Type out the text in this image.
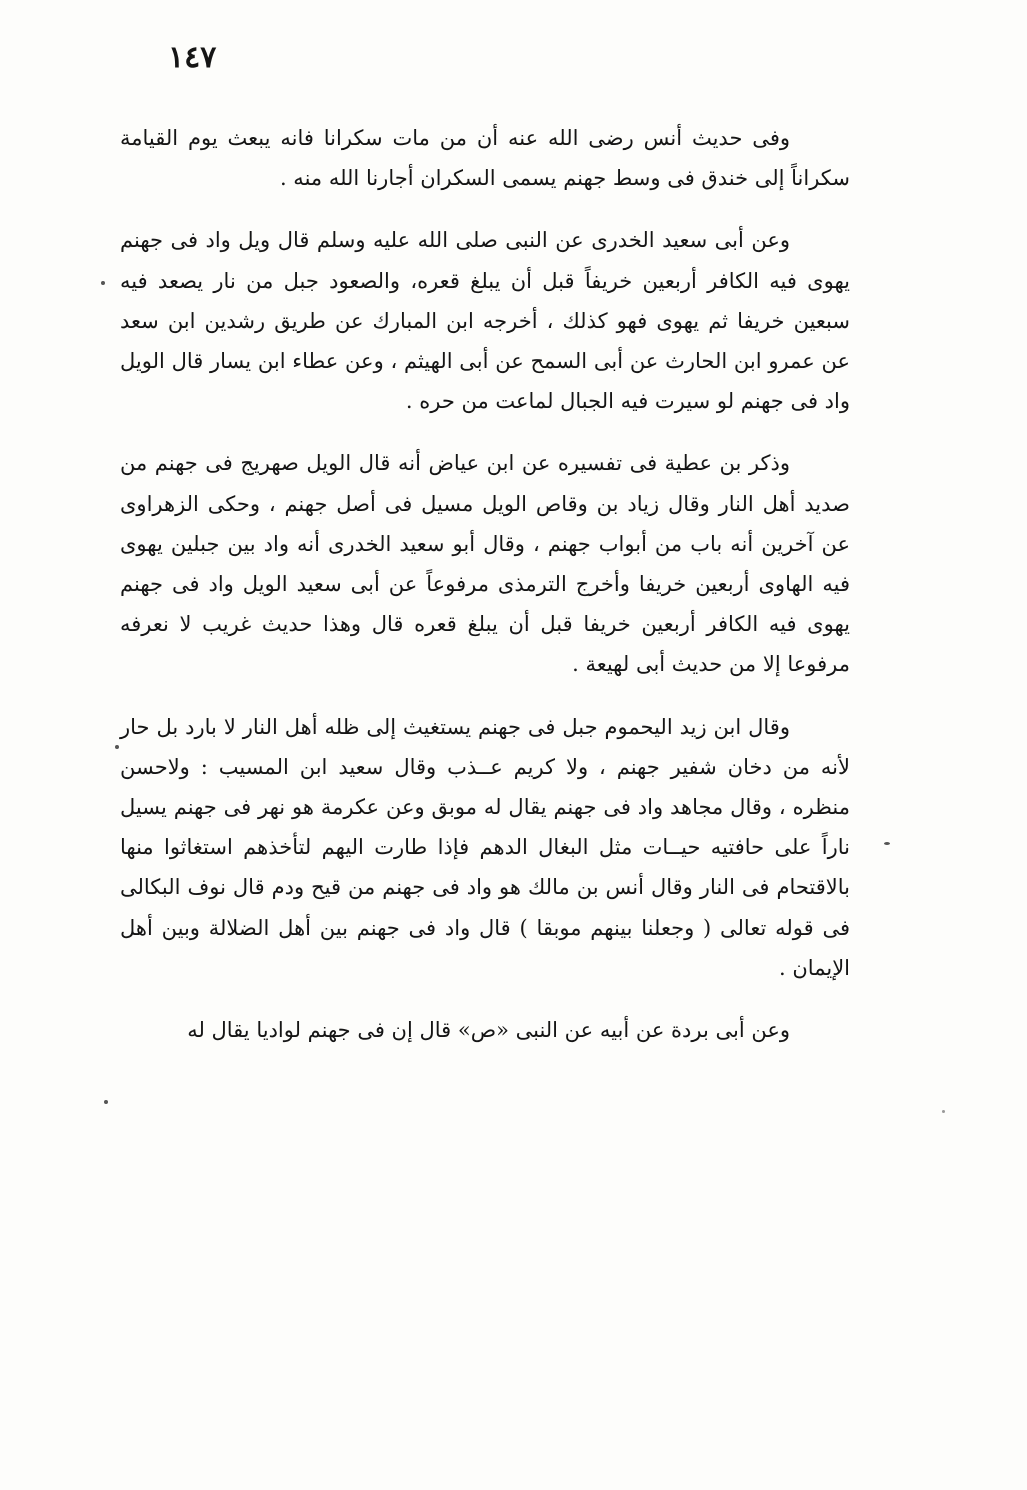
١٤٧

وفى حديث أنس رضى الله عنه أن من مات سكرانا فانه يبعث يوم القيامة سكراناً إلى خندق فى وسط جهنم يسمى السكران أجارنا الله منه .

وعن أبى سعيد الخدرى عن النبى صلى الله عليه وسلم قال ويل واد فى جهنم يهوى فيه الكافر أربعين خريفاً قبل أن يبلغ قعره، والصعود جبل من نار يصعد فيه سبعين خريفا ثم يهوى فهو كذلك ، أخرجه ابن المبارك عن طريق رشدين ابن سعد عن عمرو ابن الحارث عن أبى السمح عن أبى الهيثم ، وعن عطاء ابن يسار قال الويل واد فى جهنم لو سيرت فيه الجبال لماعت من حره .

وذكر بن عطية فى تفسيره عن ابن عياض أنه قال الويل صهريج فى جهنم من صديد أهل النار وقال زياد بن وقاص الويل مسيل فى أصل جهنم ، وحكى الزهراوى عن آخرين أنه باب من أبواب جهنم ، وقال أبو سعيد الخدرى أنه واد بين جبلين يهوى فيه الهاوى أربعين خريفا وأخرج الترمذى مرفوعاً عن أبى سعيد الويل واد فى جهنم يهوى فيه الكافر أربعين خريفا قبل أن يبلغ قعره قال وهذا حديث غريب لا نعرفه مرفوعا إلا من حديث أبى لهيعة .

وقال ابن زيد اليحموم جبل فى جهنم يستغيث إلى ظله أهل النار لا بارد بل حار لأنه من دخان شفير جهنم ، ولا كريم عــذب وقال سعيد ابن المسيب : ولاحسن منظره ، وقال مجاهد واد فى جهنم يقال له موبق وعن عكرمة هو نهر فى جهنم يسيل ناراً على حافتيه حيــات مثل البغال الدهم فإذا طارت اليهم لتأخذهم استغاثوا منها بالاقتحام فى النار وقال أنس بن مالك هو واد فى جهنم من قيح ودم قال نوف البكالى فى قوله تعالى ( وجعلنا بينهم موبقا ) قال واد فى جهنم بين أهل الضلالة وبين أهل الإيمان .

وعن أبى بردة عن أبيه عن النبى «ص» قال إن فى جهنم لواديا يقال له
